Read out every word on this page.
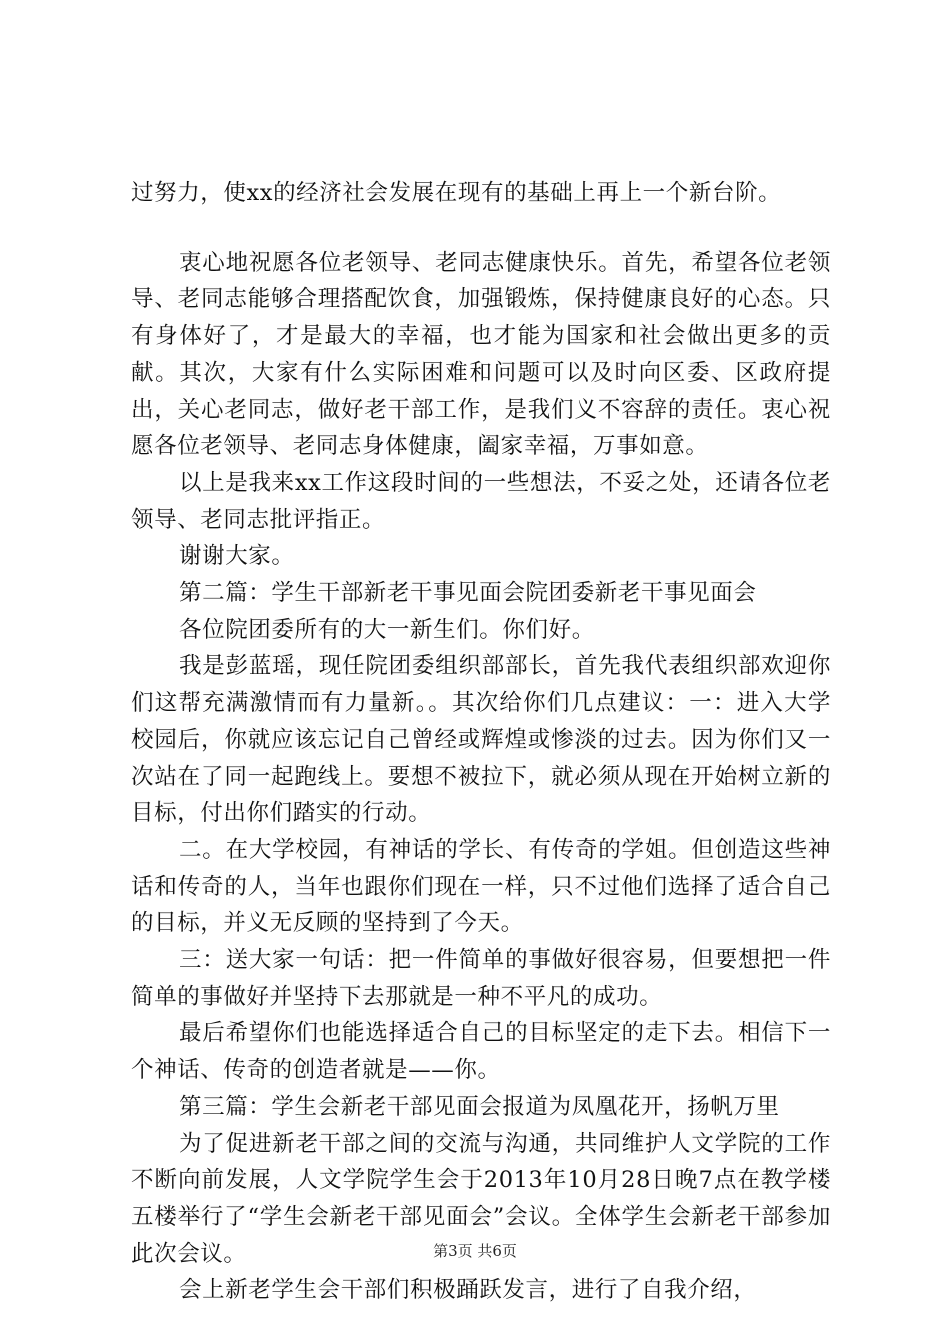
过努力，使xx的经济社会发展在现有的基础上再上一个新台阶。

衷心地祝愿各位老领导、老同志健康快乐。首先，希望各位老领导、老同志能够合理搭配饮食，加强锻炼，保持健康良好的心态。只有身体好了，才是最大的幸福，也才能为国家和社会做出更多的贡献。其次，大家有什么实际困难和问题可以及时向区委、区政府提出，关心老同志，做好老干部工作，是我们义不容辞的责任。衷心祝愿各位老领导、老同志身体健康，阖家幸福，万事如意。

以上是我来xx工作这段时间的一些想法，不妥之处，还请各位老领导、老同志批评指正。

谢谢大家。

第二篇：学生干部新老干事见面会院团委新老干事见面会

各位院团委所有的大一新生们。你们好。

我是彭蓝瑶，现任院团委组织部部长，首先我代表组织部欢迎你们这帮充满激情而有力量新。。其次给你们几点建议：一：进入大学校园后，你就应该忘记自己曾经或辉煌或惨淡的过去。因为你们又一次站在了同一起跑线上。要想不被拉下，就必须从现在开始树立新的目标，付出你们踏实的行动。

二。在大学校园，有神话的学长、有传奇的学姐。但创造这些神话和传奇的人，当年也跟你们现在一样，只不过他们选择了适合自己的目标，并义无反顾的坚持到了今天。

三：送大家一句话：把一件简单的事做好很容易，但要想把一件简单的事做好并坚持下去那就是一种不平凡的成功。

最后希望你们也能选择适合自己的目标坚定的走下去。相信下一个神话、传奇的创造者就是——你。

第三篇：学生会新老干部见面会报道为凤凰花开，扬帆万里

为了促进新老干部之间的交流与沟通，共同维护人文学院的工作不断向前发展，人文学院学生会于2013年10月28日晚7点在教学楼五楼举行了“学生会新老干部见面会”会议。全体学生会新老干部参加此次会议。

会上新老学生会干部们积极踊跃发言，进行了自我介绍，

第3页 共6页
